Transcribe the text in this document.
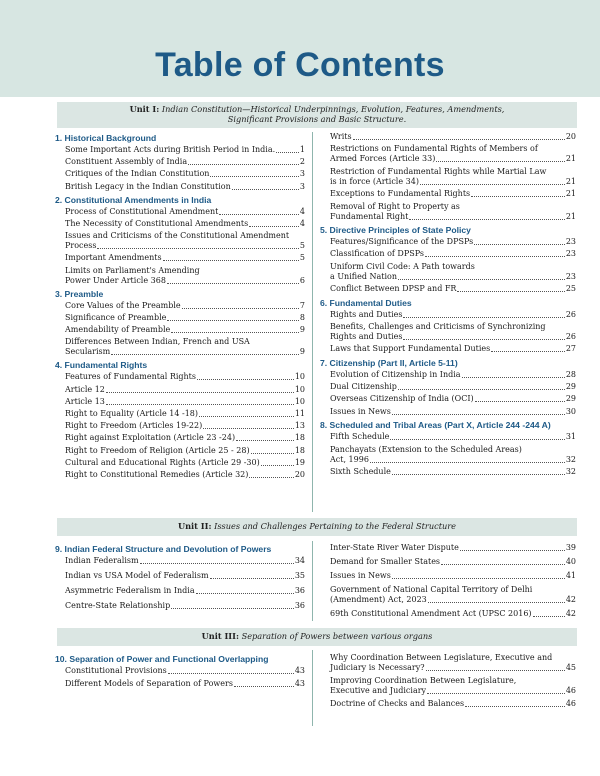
Table of Contents
Unit I: Indian Constitution—Historical Underpinnings, Evolution, Features, Amendments,
Significant Provisions and Basic Structure.
Unit II: Issues and Challenges Pertaining to the Federal Structure
Unit III: Separation of Powers between various organs
1. Historical Background
Some Important Acts during British Period in India.	1
Constituent Assembly of India	2
Critiques of the Indian Constitution	3
British Legacy in the Indian Constitution	3
2. Constitutional Amendments in India
Process of Constitutional Amendment	4
The Necessity of Constitutional Amendments	4
Issues and Criticisms of the Constitutional Amendment
Process	5
Important Amendments	5
Limits on Parliament's Amending
Power Under Article 368	6
3. Preamble
Core Values of the Preamble	7
Significance of Preamble	8
Amendability of Preamble	9
Differences Between Indian, French and USA
Secularism	9
4. Fundamental Rights
Features of Fundamental Rights	10
Article 12	10
Article 13	10
Right to Equality (Article 14 -18)	11
Right to Freedom (Articles 19-22)	13
Right against Exploitation (Article 23 -24)	18
Right to Freedom of Religion (Article 25 - 28)	18
Cultural and Educational Rights (Article 29 -30)	19
Right to Constitutional Remedies (Article 32)	20
Writs	20
Restrictions on Fundamental Rights of Members of
Armed Forces (Article 33)	21
Restriction of Fundamental Rights while Martial Law
is in force (Article 34)	21
Exceptions to Fundamental Rights	21
Removal of Right to Property as
Fundamental Right	21
5. Directive Principles of State Policy
Features/Significance of the DPSPs	23
Classification of DPSPs	23
Uniform Civil Code: A Path towards
a Unified Nation	23
Conflict Between DPSP and FR	25
6. Fundamental Duties
Rights and Duties	26
Benefits, Challenges and Criticisms of Synchronizing
Rights and Duties	26
Laws that Support Fundamental Duties	27
7. Citizenship (Part II, Article 5-11)
Evolution of Citizenship in India	28
Dual Citizenship	29
Overseas Citizenship of India (OCI)	29
Issues in News	30
8. Scheduled and Tribal Areas (Part X, Article 244 -244 A)
Fifth Schedule	31
Panchayats (Extension to the Scheduled Areas)
Act, 1996	32
Sixth Schedule	32
9. Indian Federal Structure and Devolution of Powers
Indian Federalism	34
Indian vs USA Model of Federalism	35
Asymmetric Federalism in India	36
Centre-State Relationship	36
Inter-State River Water Dispute	39
Demand for Smaller States	40
Issues in News	41
Government of National Capital Territory of Delhi
(Amendment) Act, 2023	42
69th Constitutional Amendment Act (UPSC 2016)	42
10. Separation of Power and Functional Overlapping
Constitutional Provisions	43
Different Models of Separation of Powers	43
Why Coordination Between Legislature, Executive and
Judiciary is Necessary?	45
Improving Coordination Between Legislature,
Executive and Judiciary	46
Doctrine of Checks and Balances	46
